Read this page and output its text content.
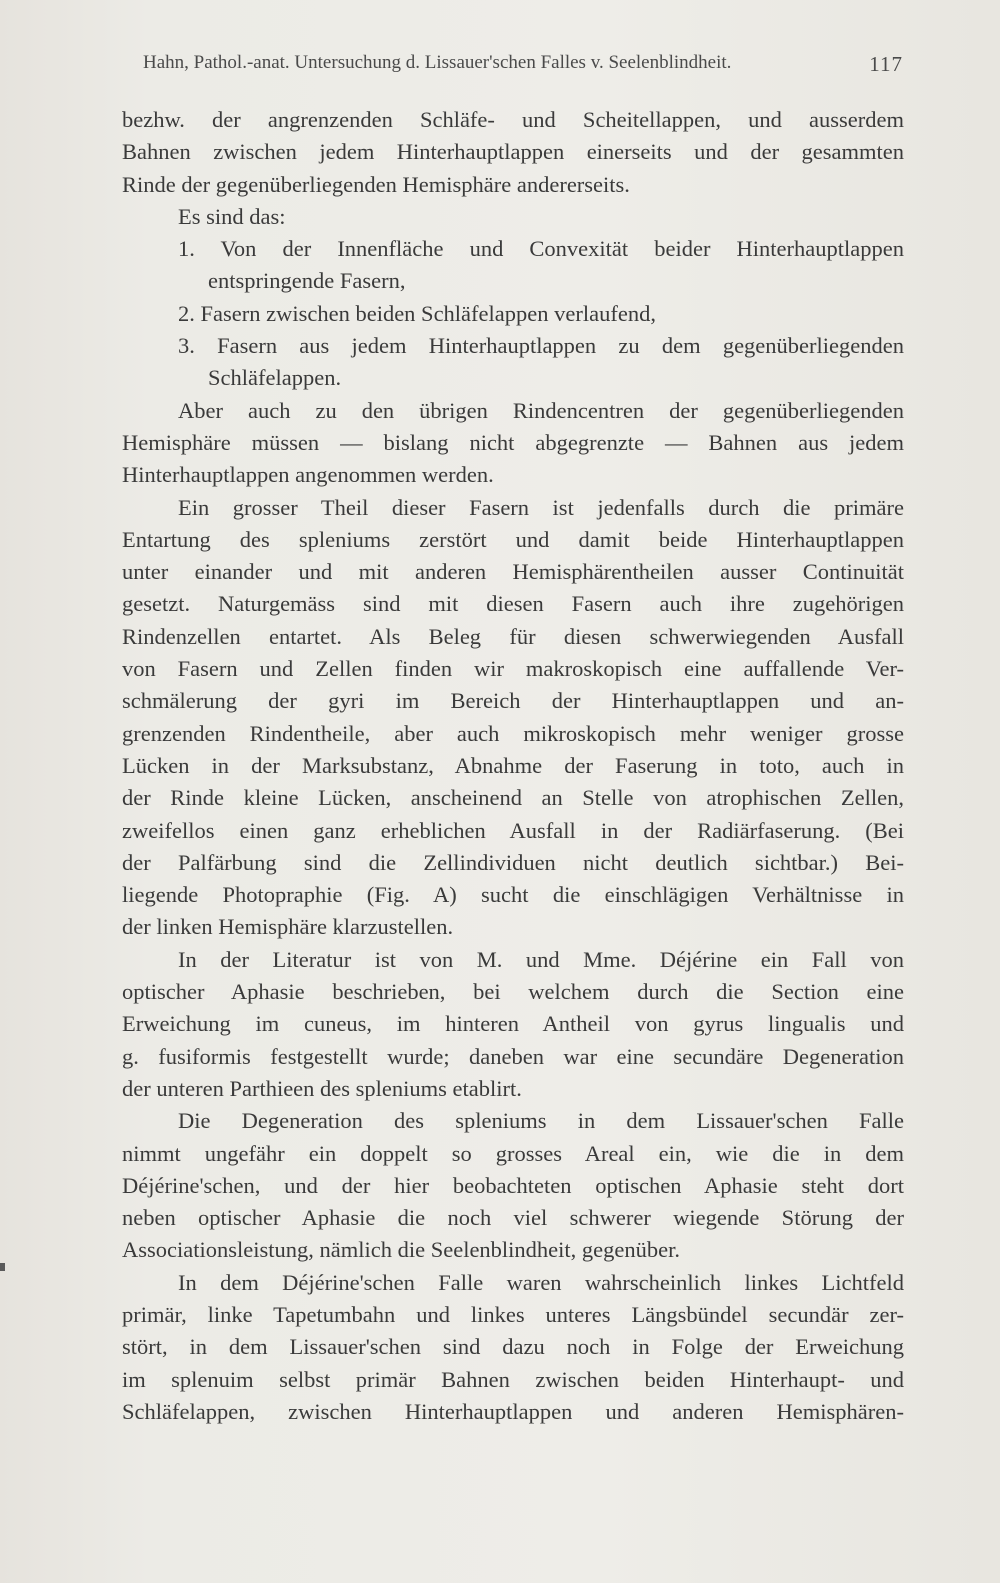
Hahn, Pathol.-anat. Untersuchung d. Lissauer'schen Falles v. Seelenblindheit.	117
bezhw. der angrenzenden Schläfe- und Scheitellappen, und ausserdem
Bahnen zwischen jedem Hinterhauptlappen einerseits und der gesammten
Rinde der gegenüberliegenden Hemisphäre andererseits.
Es sind das:
1. Von der Innenfläche und Convexität beider Hinterhauptlappen
entspringende Fasern,
2. Fasern zwischen beiden Schläfelappen verlaufend,
3. Fasern aus jedem Hinterhauptlappen zu dem gegenüberliegenden
Schläfelappen.
Aber auch zu den übrigen Rindencentren der gegenüberliegenden
Hemisphäre müssen — bislang nicht abgegrenzte — Bahnen aus jedem
Hinterhauptlappen angenommen werden.
Ein grosser Theil dieser Fasern ist jedenfalls durch die primäre
Entartung des spleniums zerstört und damit beide Hinterhauptlappen
unter einander und mit anderen Hemisphärentheilen ausser Continuität
gesetzt. Naturgemäss sind mit diesen Fasern auch ihre zugehörigen
Rindenzellen entartet. Als Beleg für diesen schwerwiegenden Ausfall
von Fasern und Zellen finden wir makroskopisch eine auffallende Ver-
schmälerung der gyri im Bereich der Hinterhauptlappen und an-
grenzenden Rindentheile, aber auch mikroskopisch mehr weniger grosse
Lücken in der Marksubstanz, Abnahme der Faserung in toto, auch in
der Rinde kleine Lücken, anscheinend an Stelle von atrophischen Zellen,
zweifellos einen ganz erheblichen Ausfall in der Radiärfaserung. (Bei
der Palfärbung sind die Zellindividuen nicht deutlich sichtbar.) Bei-
liegende Photopraphie (Fig. A) sucht die einschlägigen Verhältnisse in
der linken Hemisphäre klarzustellen.
In der Literatur ist von M. und Mme. Déjérine ein Fall von
optischer Aphasie beschrieben, bei welchem durch die Section eine
Erweichung im cuneus, im hinteren Antheil von gyrus lingualis und
g. fusiformis festgestellt wurde; daneben war eine secundäre Degeneration
der unteren Parthieen des spleniums etablirt.
Die Degeneration des spleniums in dem Lissauer'schen Falle
nimmt ungefähr ein doppelt so grosses Areal ein, wie die in dem
Déjérine'schen, und der hier beobachteten optischen Aphasie steht dort
neben optischer Aphasie die noch viel schwerer wiegende Störung der
Associationsleistung, nämlich die Seelenblindheit, gegenüber.
In dem Déjérine'schen Falle waren wahrscheinlich linkes Lichtfeld
primär, linke Tapetumbahn und linkes unteres Längsbündel secundär zer-
stört, in dem Lissauer'schen sind dazu noch in Folge der Erweichung
im splenuim selbst primär Bahnen zwischen beiden Hinterhaupt- und
Schläfelappen, zwischen Hinterhauptlappen und anderen Hemisphären-
